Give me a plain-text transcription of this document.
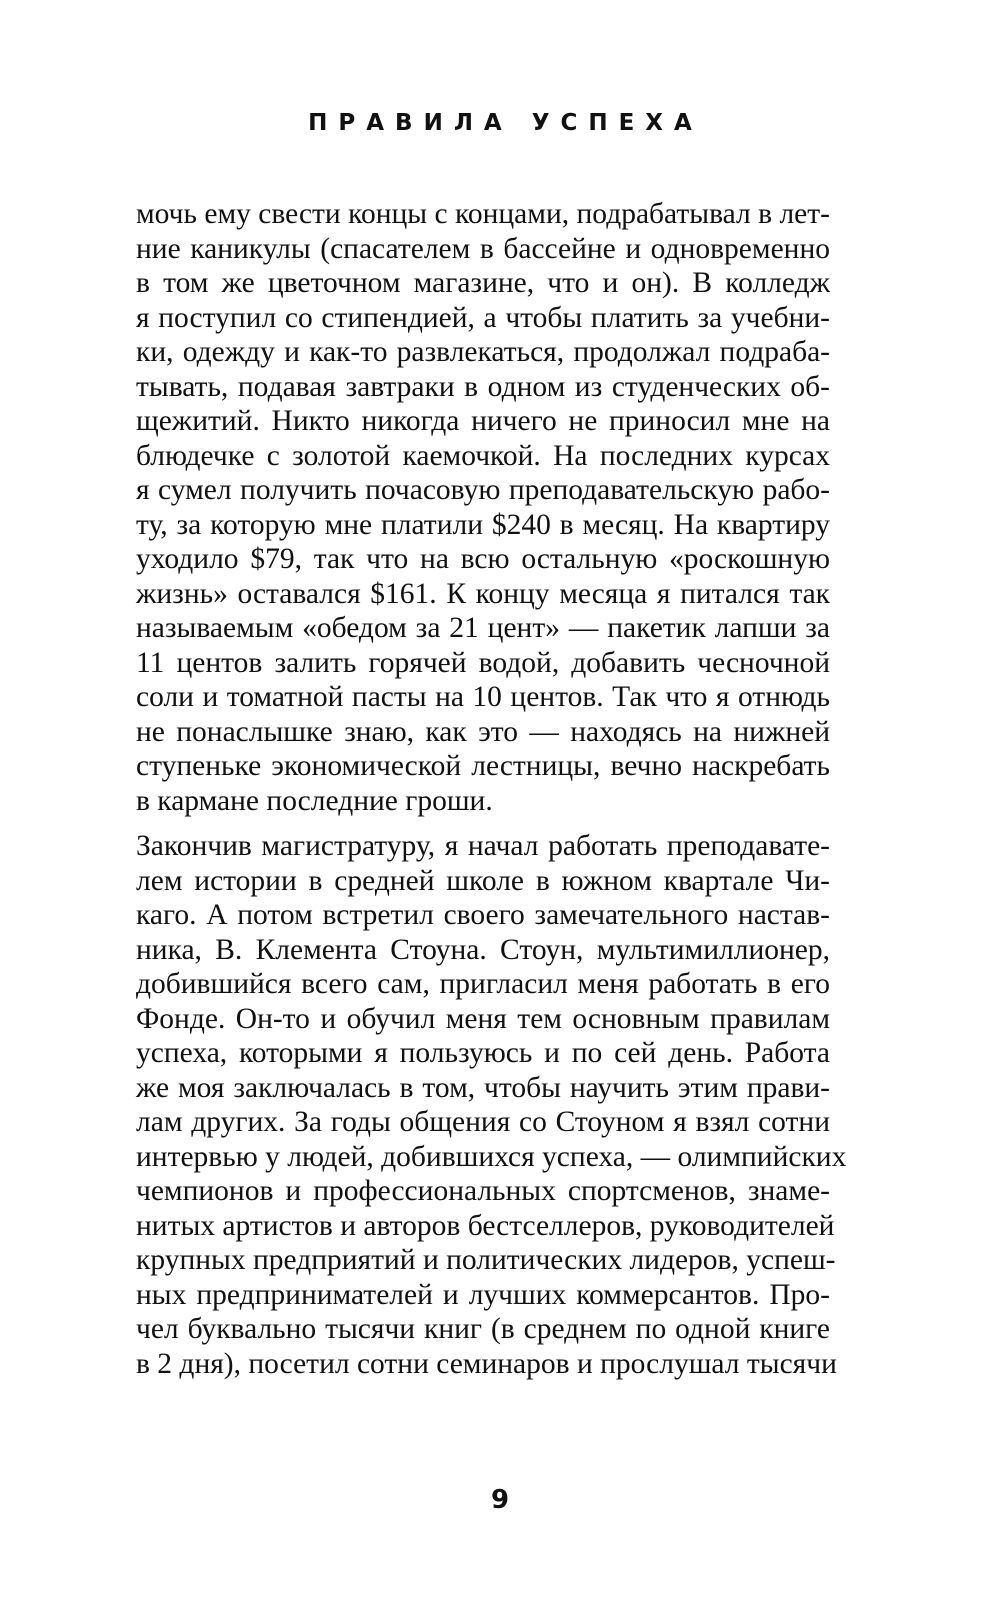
ПРАВИЛА УСПЕХА
мочь ему свести концы с концами, подрабатывал в лет-
ние каникулы (спасателем в бассейне и одновременно
в том же цветочном магазине, что и он). В колледж
я поступил со стипендией, а чтобы платить за учебни-
ки, одежду и как-то развлекаться, продолжал подраба-
тывать, подавая завтраки в одном из студенческих об-
щежитий. Никто никогда ничего не приносил мне на
блюдечке с золотой каемочкой. На последних курсах
я сумел получить почасовую преподавательскую рабо-
ту, за которую мне платили $240 в месяц. На квартиру
уходило $79, так что на всю остальную «роскошную
жизнь» оставался $161. К концу месяца я питался так
называемым «обедом за 21 цент» — пакетик лапши за
11 центов залить горячей водой, добавить чесночной
соли и томатной пасты на 10 центов. Так что я отнюдь
не понаслышке знаю, как это — находясь на нижней
ступеньке экономической лестницы, вечно наскребать
в кармане последние гроши.
Закончив магистратуру, я начал работать преподавате-
лем истории в средней школе в южном квартале Чи-
каго. А потом встретил своего замечательного настав-
ника, В. Клемента Стоуна. Стоун, мультимиллионер,
добившийся всего сам, пригласил меня работать в его
Фонде. Он-то и обучил меня тем основным правилам
успеха, которыми я пользуюсь и по сей день. Работа
же моя заключалась в том, чтобы научить этим прави-
лам других. За годы общения со Стоуном я взял сотни
интервью у людей, добившихся успеха, — олимпийских
чемпионов и профессиональных спортсменов, знаме-
нитых артистов и авторов бестселлеров, руководителей
крупных предприятий и политических лидеров, успеш-
ных предпринимателей и лучших коммерсантов. Про-
чел буквально тысячи книг (в среднем по одной книге
в 2 дня), посетил сотни семинаров и прослушал тысячи
9
